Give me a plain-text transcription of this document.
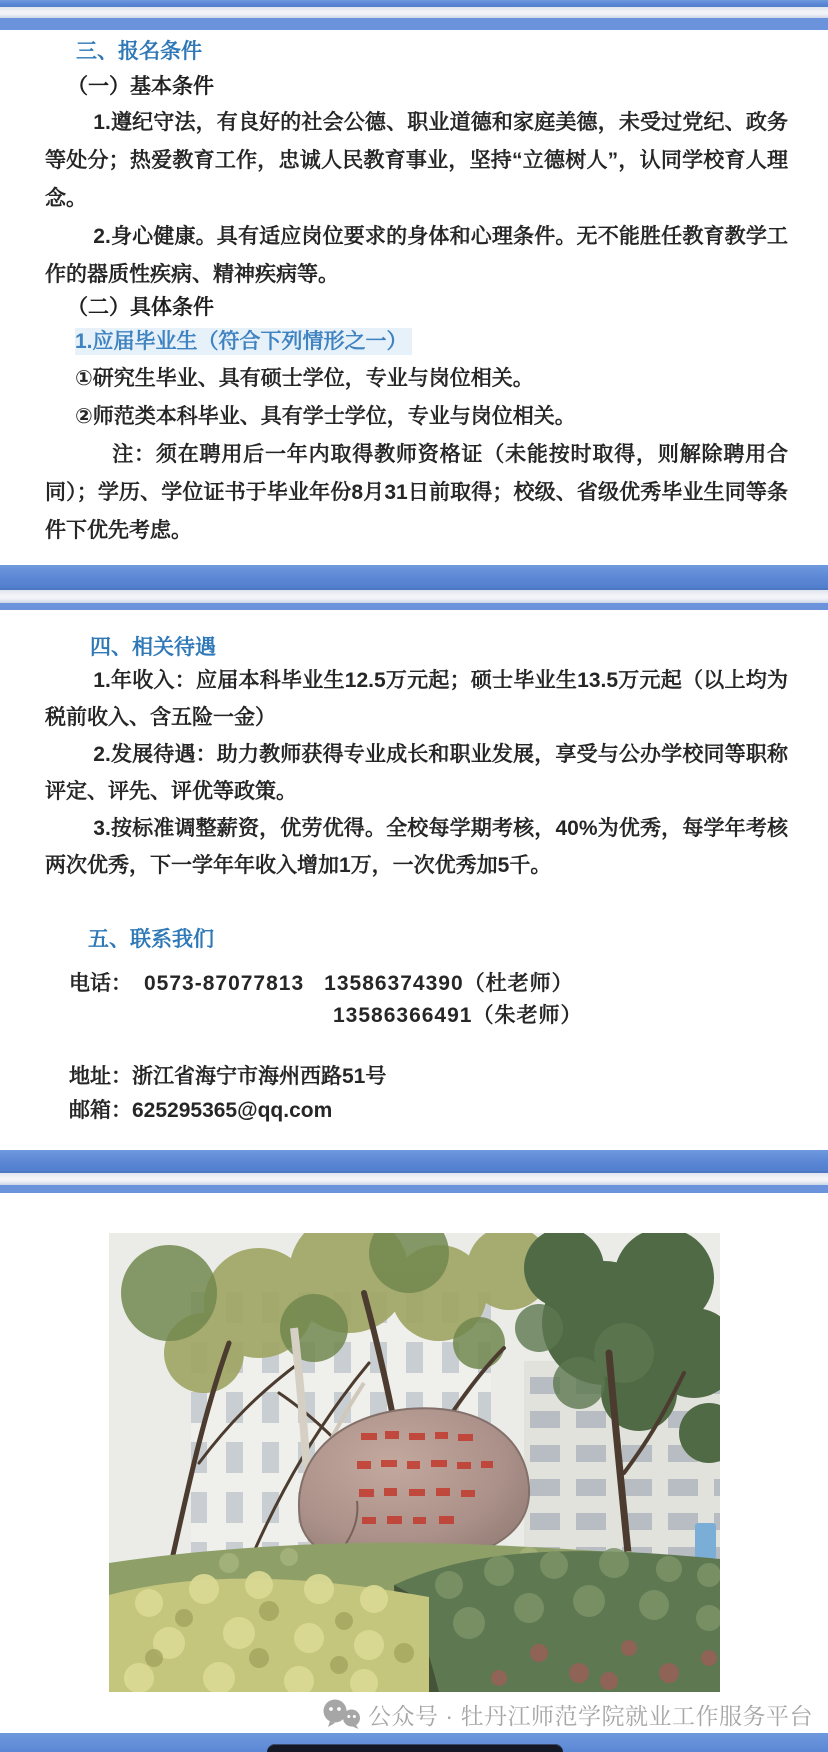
三、报名条件
（一）基本条件

1.遵纪守法，有良好的社会公德、职业道德和家庭美德，未受过党纪、政务等处分；热爱教育工作，忠诚人民教育事业，坚持“立德树人”，认同学校育人理念。

2.身心健康。具有适应岗位要求的身体和心理条件。无不能胜任教育教学工作的器质性疾病、精神疾病等。

（二）具体条件
1.应届毕业生（符合下列情形之一）

①研究生毕业、具有硕士学位，专业与岗位相关。

②师范类本科毕业、具有学士学位，专业与岗位相关。

注：须在聘用后一年内取得教师资格证（未能按时取得，则解除聘用合同）；学历、学位证书于毕业年份8月31日前取得；校级、省级优秀毕业生同等条件下优先考虑。

四、相关待遇

1.年收入：应届本科毕业生12.5万元起；硕士毕业生13.5万元起（以上均为税前收入、含五险一金）

2.发展待遇：助力教师获得专业成长和职业发展，享受与公办学校同等职称评定、评先、评优等政策。

3.按标准调整薪资，优劳优得。全校每学期考核，40%为优秀，每学年考核两次优秀，下一学年年收入增加1万，一次优秀加5千。

五、联系我们
电话： 0573-87077813 13586374390（杜老师）

13586366491（朱老师）

地址：浙江省海宁市海州西路51号

邮箱：625295365@qq.com

公众号 · 牡丹江师范学院就业工作服务平台
